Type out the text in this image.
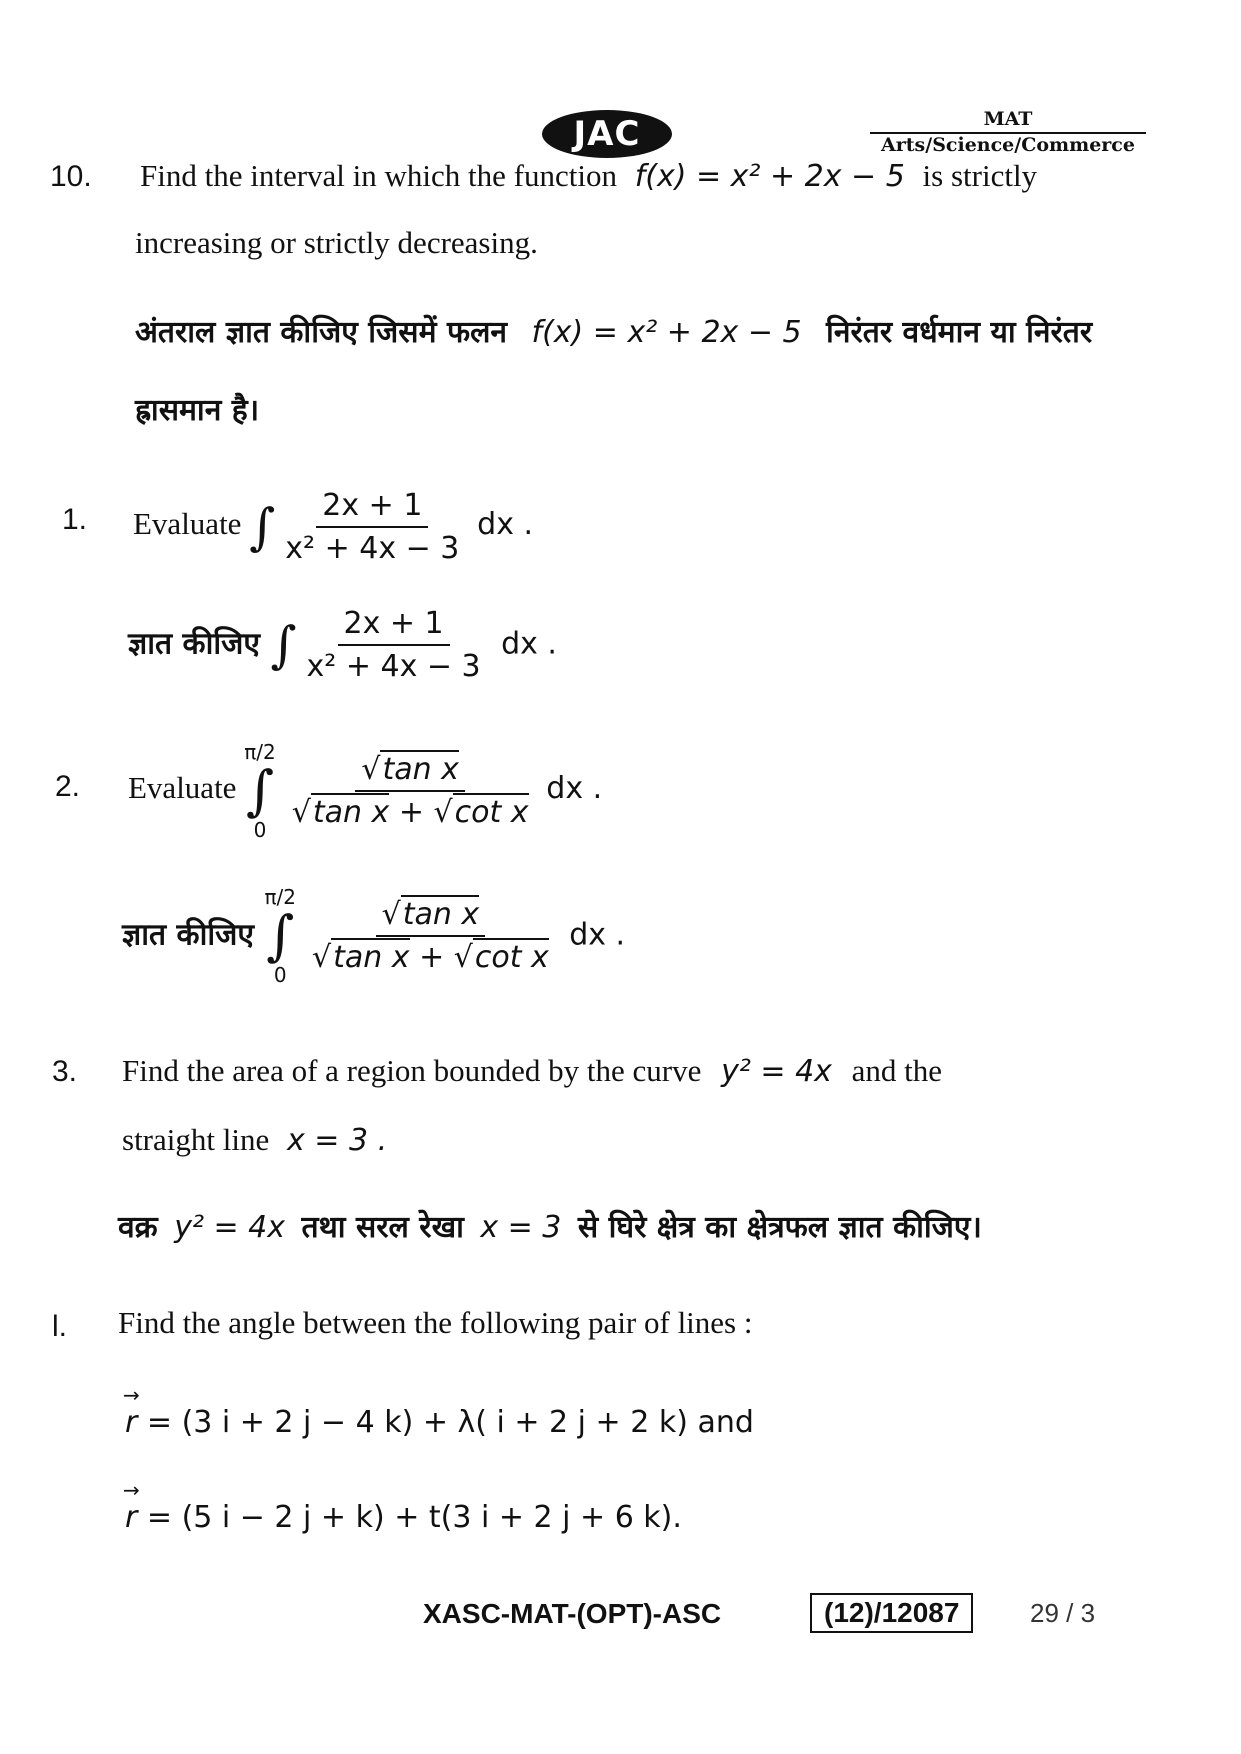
JAC	MAT
Arts/Science/Commerce
10. Find the interval in which the function f(x) = x² + 2x − 5 is strictly
increasing or strictly decreasing.
अंतराल ज्ञात कीजिए जिसमें फलन f(x) = x² + 2x − 5 निरंतर वर्धमान या निरंतर
ह्रासमान है।
1. Evaluate ∫ $\frac{2x + 1}{\text{x² + 4x − 3}}$ dx .
ज्ञात कीजिए ∫ $\frac{2x + 1}{\text{x² + 4x − 3}}$ dx .
2. Evaluate
π/2
∫
$0 \frac{\text{√tan x}}{\text{√tan x + √cot x}}$ dx .
ज्ञात कीजिए
π/2
∫
$0 \frac{\text{√tan x}}{\text{√tan x + √cot x}}$ dx .
3. Find the area of a region bounded by the curve y² = 4x and the
straight line x = 3 .
वक्र y² = 4x तथा सरल रेखा x = 3 से घिरे क्षेत्र का क्षेत्रफल ज्ञात कीजिए।
l. Find the angle between the following pair of lines :
→ r = (3 i + 2 j − 4 k) + λ( i + 2 j + 2 k) and
→ r = (5 i − 2 j + k) + t(3 i + 2 j + 6 k).
XASC-MAT-(OPT)-ASC	(12)/12087	29 / 3
